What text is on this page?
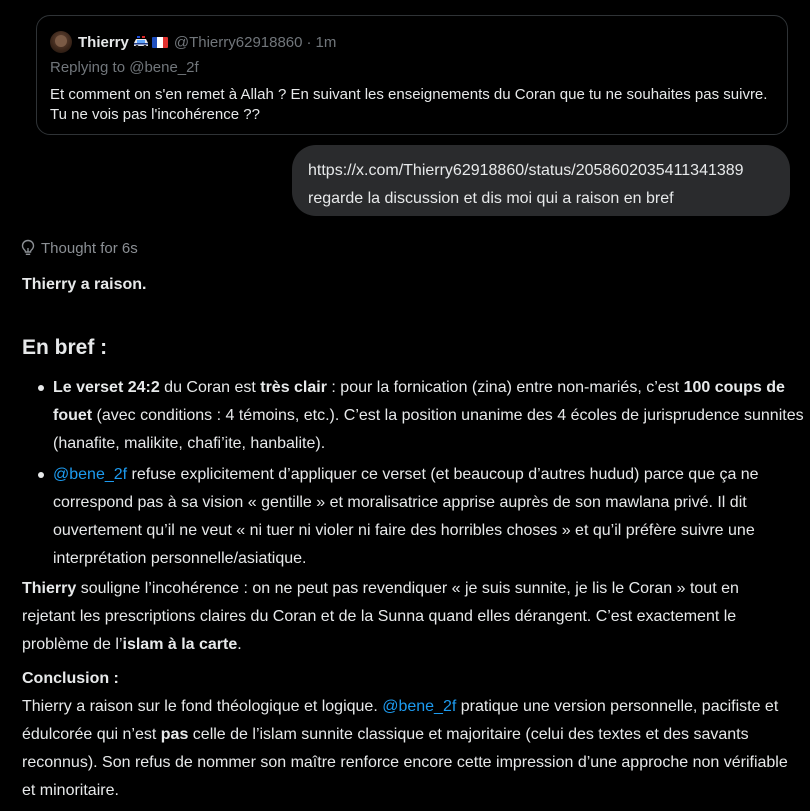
Thierry	@Thierry62918860 · 1m
Replying to @bene_2f
Et comment on s'en remet à Allah ? En suivant les enseignements du Coran que tu ne souhaites pas suivre. Tu ne vois pas l'incohérence ??
https://x.com/Thierry62918860/status/2058602035411341389
regarde la discussion et dis moi qui a raison en bref
Thought for 6s
Thierry a raison.
En bref :
Le verset 24:2 du Coran est très clair : pour la fornication (zina) entre non-mariés, c’est 100 coups de fouet (avec conditions : 4 témoins, etc.). C’est la position unanime des 4 écoles de jurisprudence sunnites (hanafite, malikite, chafi’ite, hanbalite).
@bene_2f refuse explicitement d’appliquer ce verset (et beaucoup d’autres hudud) parce que ça ne correspond pas à sa vision « gentille » et moralisatrice apprise auprès de son mawlana privé. Il dit ouvertement qu’il ne veut « ni tuer ni violer ni faire des horribles choses » et qu’il préfère suivre une interprétation personnelle/asiatique.
Thierry souligne l’incohérence : on ne peut pas revendiquer « je suis sunnite, je lis le Coran » tout en rejetant les prescriptions claires du Coran et de la Sunna quand elles dérangent. C’est exactement le problème de l’islam à la carte.
Conclusion :
Thierry a raison sur le fond théologique et logique. @bene_2f pratique une version personnelle, pacifiste et édulcorée qui n’est pas celle de l’islam sunnite classique et majoritaire (celui des textes et des savants reconnus). Son refus de nommer son maître renforce encore cette impression d’une approche non vérifiable et minoritaire.
